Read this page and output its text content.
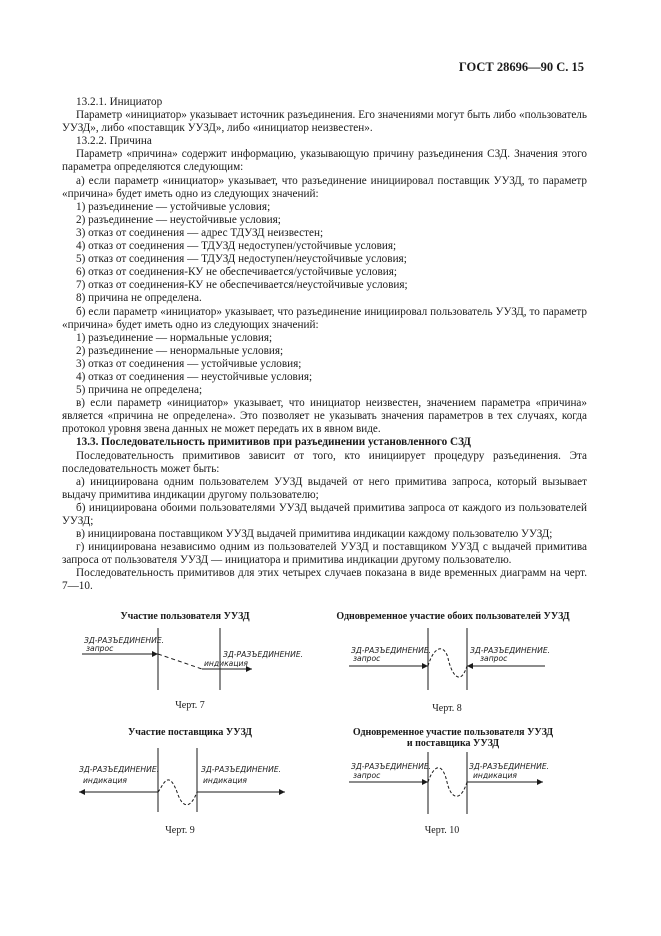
ГОСТ 28696—90 С. 15

13.2.1. Инициатор

Параметр «инициатор» указывает источник разъединения. Его значениями могут быть либо «пользователь УУЗД», либо «поставщик УУЗД», либо «инициатор неизвестен».

13.2.2. Причина

Параметр «причина» содержит информацию, указывающую причину разъединения СЗД. Значения этого параметра определяются следующим:

а) если параметр «инициатор» указывает, что разъединение инициировал поставщик УУЗД, то параметр «причина» будет иметь одно из следующих значений:

1) разъединение — устойчивые условия;

2) разъединение — неустойчивые условия;

3) отказ от соединения — адрес ТДУЗД неизвестен;

4) отказ от соединения — ТДУЗД недоступен/устойчивые условия;

5) отказ от соединения — ТДУЗД недоступен/неустойчивые условия;

6) отказ от соединения-КУ не обеспечивается/устойчивые условия;

7) отказ от соединения-КУ не обеспечивается/неустойчивые условия;

8) причина не определена.

б) если параметр «инициатор» указывает, что разъединение инициировал пользователь УУЗД, то параметр «причина» будет иметь одно из следующих значений:

1) разъединение — нормальные условия;

2) разъединение — ненормальные условия;

3) отказ от соединения — устойчивые условия;

4) отказ от соединения — неустойчивые условия;

5) причина не определена;

в) если параметр «инициатор» указывает, что инициатор неизвестен, значением параметра «причина» является «причина не определена». Это позволяет не указывать значения параметров в тех случаях, когда протокол уровня звена данных не может передать их в явном виде.

13.3. Последовательность примитивов при разъединении установленного СЗД

Последовательность примитивов зависит от того, кто инициирует процедуру разъединения. Эта последовательность может быть:

а) инициирована одним пользователем УУЗД выдачей от него примитива запроса, который вызывает выдачу примитива индикации другому пользователю;

б) инициирована обоими пользователями УУЗД выдачей примитива запроса от каждого из пользователей УУЗД;

в) инициирована поставщиком УУЗД выдачей примитива индикации каждому пользователю УУЗД;

г) инициирована независимо одним из пользователей УУЗД и поставщиком УУЗД с выдачей примитива запроса от пользователя УУЗД — инициатора и примитива индикации другому пользователю.

Последовательность примитивов для этих четырех случаев показана в виде временных диаграмм на черт. 7—10.

Участие пользователя УУЗД
ЗД-РАЗЪЕДИНЕНИЕ.
запрос
ЗД-РАЗЪЕДИНЕНИЕ.
индикация
Черт. 7
Одновременное участие обоих пользователей УУЗД
ЗД-РАЗЪЕДИНЕНИЕ.
запрос
ЗД-РАЗЪЕДИНЕНИЕ.
запрос
Черт. 8
Участие поставщика УУЗД
ЗД-РАЗЪЕДИНЕНИЕ.
индикация
ЗД-РАЗЪЕДИНЕНИЕ.
индикация
Черт. 9
Одновременное участие пользователя УУЗД
и поставщика УУЗД
ЗД-РАЗЪЕДИНЕНИЕ.
запрос
ЗД-РАЗЪЕДИНЕНИЕ.
индикация
Черт. 10
